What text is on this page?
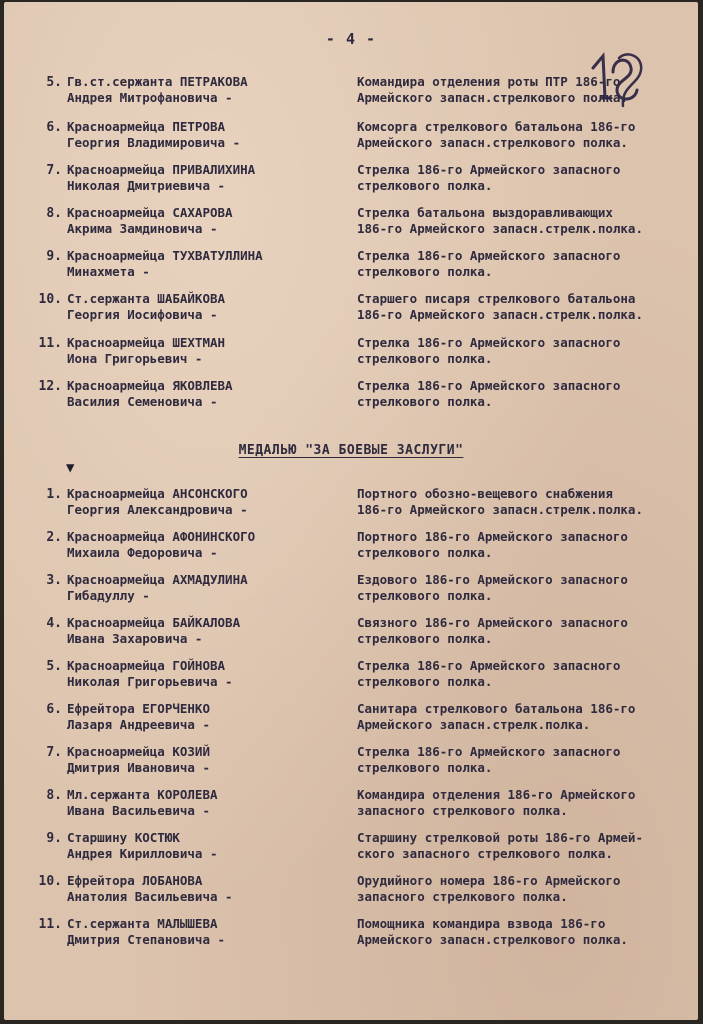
- 4 -
5. Гв.ст.сержанта ПЕТРАКОВА
Андрея Митрофановича -
Командира отделения роты ПТР 186-го
Армейского запасн.стрелкового полка.
6. Красноармейца ПЕТРОВА
Георгия Владимировича -
Комсорга стрелкового батальона 186-го
Армейского запасн.стрелкового полка.
7. Красноармейца ПРИВАЛИХИНА
Николая Дмитриевича -
Стрелка 186-го Армейского запасного
стрелкового полка.
8. Красноармейца САХАРОВА
Акрима Замдиновича -
Стрелка батальона выздоравливающих
186-го Армейского запасн.стрелк.полка.
9. Красноармейца ТУХВАТУЛЛИНА
Минахмета -
Стрелка 186-го Армейского запасного
стрелкового полка.
10. Ст.сержанта ШАБАЙКОВА
Георгия Иосифовича -
Старшего писаря стрелкового батальона
186-го Армейского запасн.стрелк.полка.
11. Красноармейца ШЕХТМАН
Иона Григорьевич -
Стрелка 186-го Армейского запасного
стрелкового полка.
12. Красноармейца ЯКОВЛЕВА
Василия Семеновича -
Стрелка 186-го Армейского запасного
стрелкового полка.
МЕДАЛЬЮ "ЗА БОЕВЫЕ ЗАСЛУГИ"
▼
1. Красноармейца АНСОНСКОГО
Георгия Александровича -
Портного обозно-вещевого снабжения
186-го Армейского запасн.стрелк.полка.
2. Красноармейца АФОНИНСКОГО
Михаила Федоровича -
Портного 186-го Армейского запасного
стрелкового полка.
3. Красноармейца АХМАДУЛИНА
Гибадуллу -
Ездового 186-го Армейского запасного
стрелкового полка.
4. Красноармейца БАЙКАЛОВА
Ивана Захаровича -
Связного 186-го Армейского запасного
стрелкового полка.
5. Красноармейца ГОЙНОВА
Николая Григорьевича -
Стрелка 186-го Армейского запасного
стрелкового полка.
6. Ефрейтора ЕГОРЧЕНКО
Лазаря Андреевича -
Санитара стрелкового батальона 186-го
Армейского запасн.стрелк.полка.
7. Красноармейца КОЗИЙ
Дмитрия Ивановича -
Стрелка 186-го Армейского запасного
стрелкового полка.
8. Мл.сержанта КОРОЛЕВА
Ивана Васильевича -
Командира отделения 186-го Армейского
запасного стрелкового полка.
9. Старшину КОСТЮК
Андрея Кирилловича -
Старшину стрелковой роты 186-го Армей-
ского запасного стрелкового полка.
10. Ефрейтора ЛОБАНОВА
Анатолия Васильевича -
Орудийного номера 186-го Армейского
запасного стрелкового полка.
11. Ст.сержанта МАЛЫШЕВА
Дмитрия Степановича -
Помощника командира взвода 186-го
Армейского запасн.стрелкового полка.
